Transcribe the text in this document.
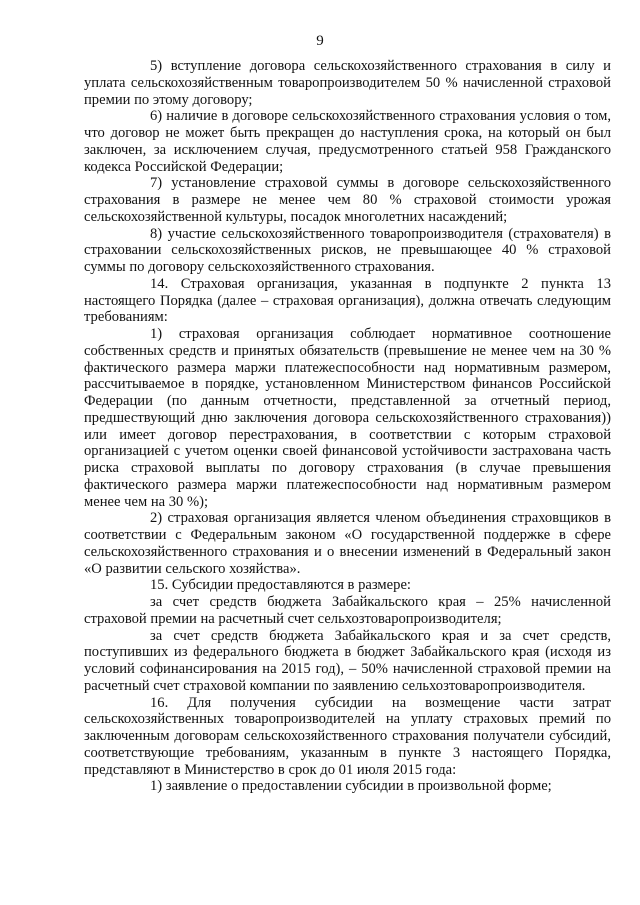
9

5) вступление договора сельскохозяйственного страхования в силу и уплата сельскохозяйственным товаропроизводителем 50 % начисленной страховой премии по этому договору;

6) наличие в договоре сельскохозяйственного страхования условия о том, что договор не может быть прекращен до наступления срока, на который он был заключен, за исключением случая, предусмотренного статьей 958 Гражданского кодекса Российской Федерации;

7) установление страховой суммы в договоре сельскохозяйственного страхования в размере не менее чем 80 % страховой стоимости урожая сельскохозяйственной культуры, посадок многолетних насаждений;

8) участие сельскохозяйственного товаропроизводителя (страхователя) в страховании сельскохозяйственных рисков, не превышающее 40 % страховой суммы по договору сельскохозяйственного страхования.

14. Страховая организация, указанная в подпункте 2 пункта 13 настоящего Порядка (далее – страховая организация), должна отвечать следующим требованиям:

1) страховая организация соблюдает нормативное соотношение собственных средств и принятых обязательств (превышение не менее чем на 30 % фактического размера маржи платежеспособности над нормативным размером, рассчитываемое в порядке, установленном Министерством финансов Российской Федерации (по данным отчетности, представленной за отчетный период, предшествующий дню заключения договора сельскохозяйственного страхования)) или имеет договор перестрахования, в соответствии с которым страховой организацией с учетом оценки своей финансовой устойчивости застрахована часть риска страховой выплаты по договору страхования (в случае превышения фактического размера маржи платежеспособности над нормативным размером менее чем на 30 %);

2) страховая организация является членом объединения страховщиков в соответствии с Федеральным законом «О государственной поддержке в сфере сельскохозяйственного страхования и о внесении изменений в Федеральный закон «О развитии сельского хозяйства».

15. Субсидии предоставляются в размере:

за счет средств бюджета Забайкальского края – 25% начисленной страховой премии на расчетный счет сельхозтоваропроизводителя;

за счет средств бюджета Забайкальского края и за счет средств, поступивших из федерального бюджета в бюджет Забайкальского края (исходя из условий софинансирования на 2015 год), – 50% начисленной страховой премии на расчетный счет страховой компании по заявлению сельхозтоваропроизводителя.

16. Для получения субсидии на возмещение части затрат сельскохозяйственных товаропроизводителей на уплату страховых премий по заключенным договорам сельскохозяйственного страхования получатели субсидий, соответствующие требованиям, указанным в пункте 3 настоящего Порядка, представляют в Министерство в срок до 01 июля 2015 года:

1) заявление о предоставлении субсидии в произвольной форме;
